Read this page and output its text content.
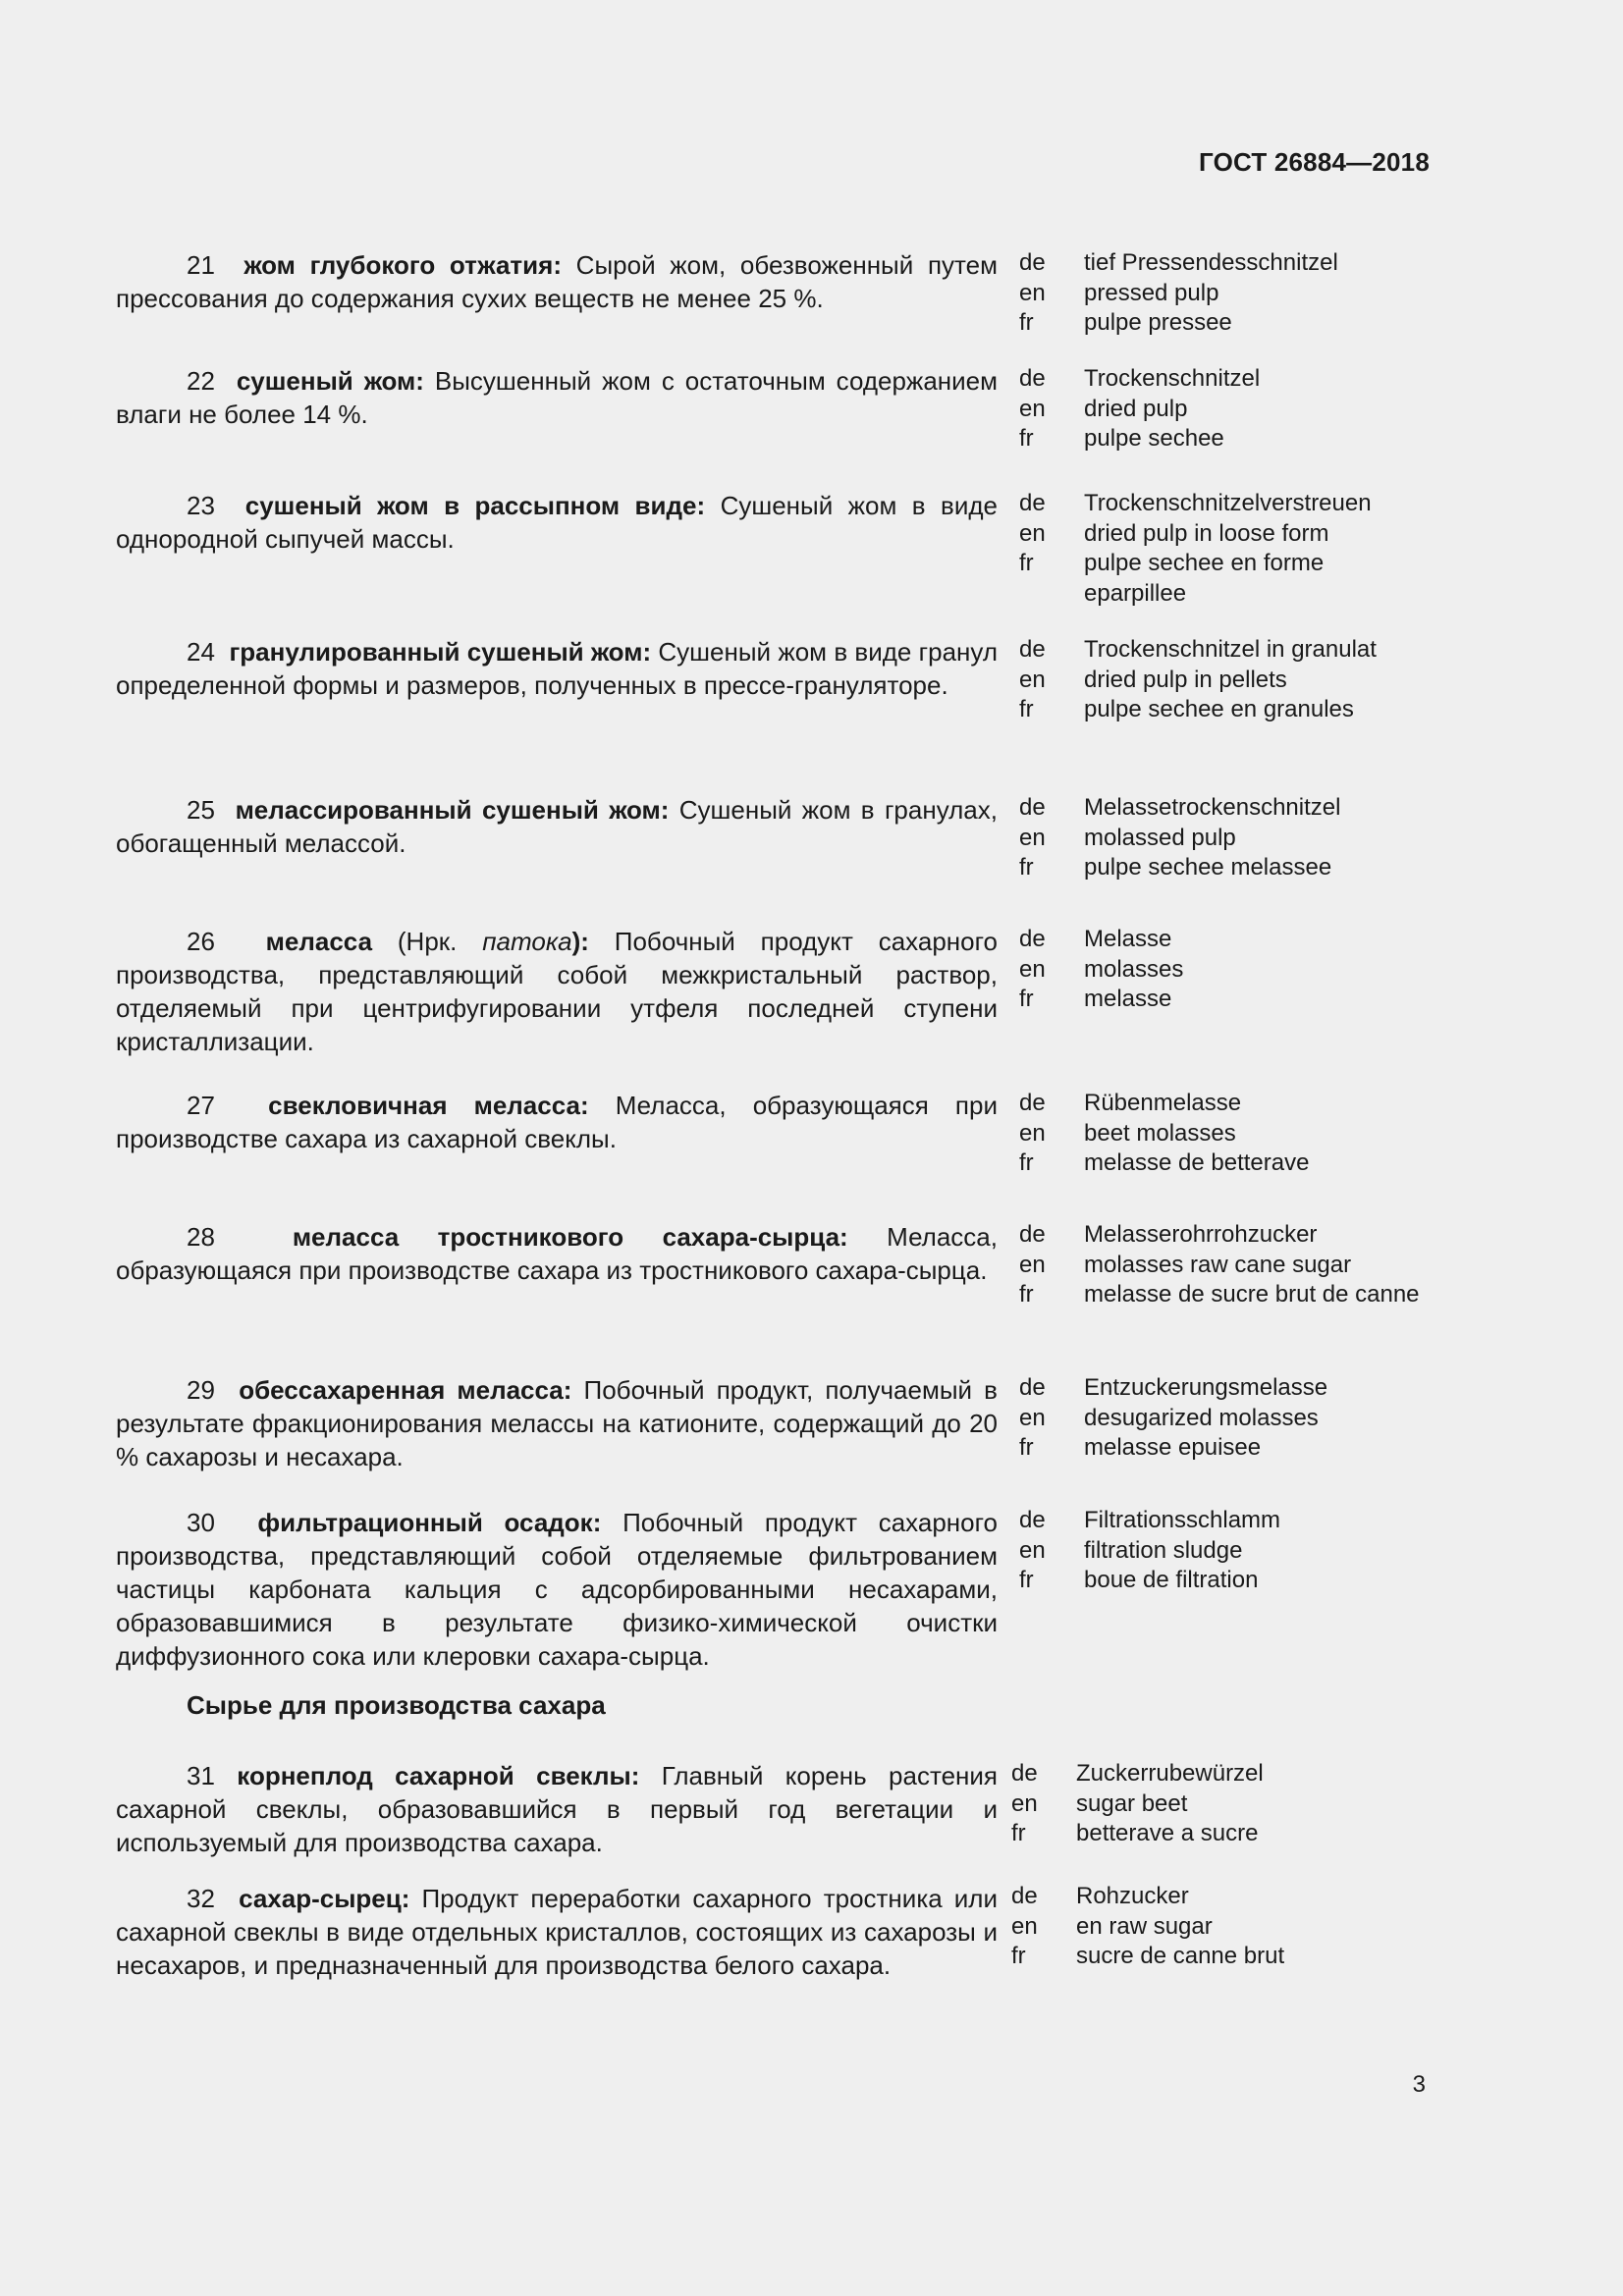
ГОСТ 26884—2018
21 жом глубокого отжатия: Сырой жом, обезвоженный путем прессования до содержания сухих веществ не менее 25 %.
de	tief Pressendesschnitzel
en	pressed pulp
fr	pulpe pressee
22 сушеный жом: Высушенный жом с остаточным содержанием влаги не более 14 %.
de	Trockenschnitzel
en	dried pulp
fr	pulpe sechee
23 сушеный жом в рассыпном виде: Сушеный жом в виде однородной сыпучей массы.
de	Trockenschnitzelverstreuen
en	dried pulp in loose form
fr	pulpe sechee en forme eparpillee
24 гранулированный сушеный жом: Сушеный жом в виде гранул определенной формы и размеров, полученных в прессе-грануляторе.
de	Trockenschnitzel in granulat
en	dried pulp in pellets
fr	pulpe sechee en granules
25 мелассированный сушеный жом: Сушеный жом в гранулах, обогащенный мелассой.
de	Melassetrockenschnitzel
en	molassed pulp
fr	pulpe sechee melassee
26 меласса (Нрк. патока): Побочный продукт сахарного производства, представляющий собой межкристальный раствор, отделяемый при центрифугировании утфеля последней ступени кристаллизации.
de	Melasse
en	molasses
fr	melasse
27 свекловичная меласса: Меласса, образующаяся при производстве сахара из сахарной свеклы.
de	Rübenmelasse
en	beet molasses
fr	melasse de betterave
28	меласса тростникового сахара-сырца: Меласса, образующаяся при производстве сахара из тростникового сахара-сырца.
de	Melasserohrrohzucker
en	molasses raw cane sugar
fr	melasse de sucre brut de canne
29 обессахаренная меласса: Побочный продукт, получаемый в результате фракционирования мелассы на катионите, содержащий до 20 % сахарозы и несахара.
de	Entzuckerungsmelasse
en	desugarized molasses
fr	melasse epuisee
30 фильтрационный осадок: Побочный продукт сахарного производства, представляющий собой отделяемые фильтрованием частицы карбоната кальция с адсорбированными несахарами, образовавшимися в результате физико-химической очистки диффузионного сока или клеровки сахара-сырца.
de	Filtrationsschlamm
en	filtration sludge
fr	boue de filtration
Сырье для производства сахара
31 корнеплод сахарной свеклы: Главный корень растения сахарной свеклы, образовавшийся в первый год вегетации и используемый для производства сахара.
de	Zuckerrubewürzel
en	sugar beet
fr	betterave a sucre
32 сахар-сырец: Продукт переработки сахарного тростника или сахарной свеклы в виде отдельных кристаллов, состоящих из сахарозы и несахаров, и предназначенный для производства белого сахара.
de	Rohzucker
en	en raw sugar
fr	sucre de canne brut
3
